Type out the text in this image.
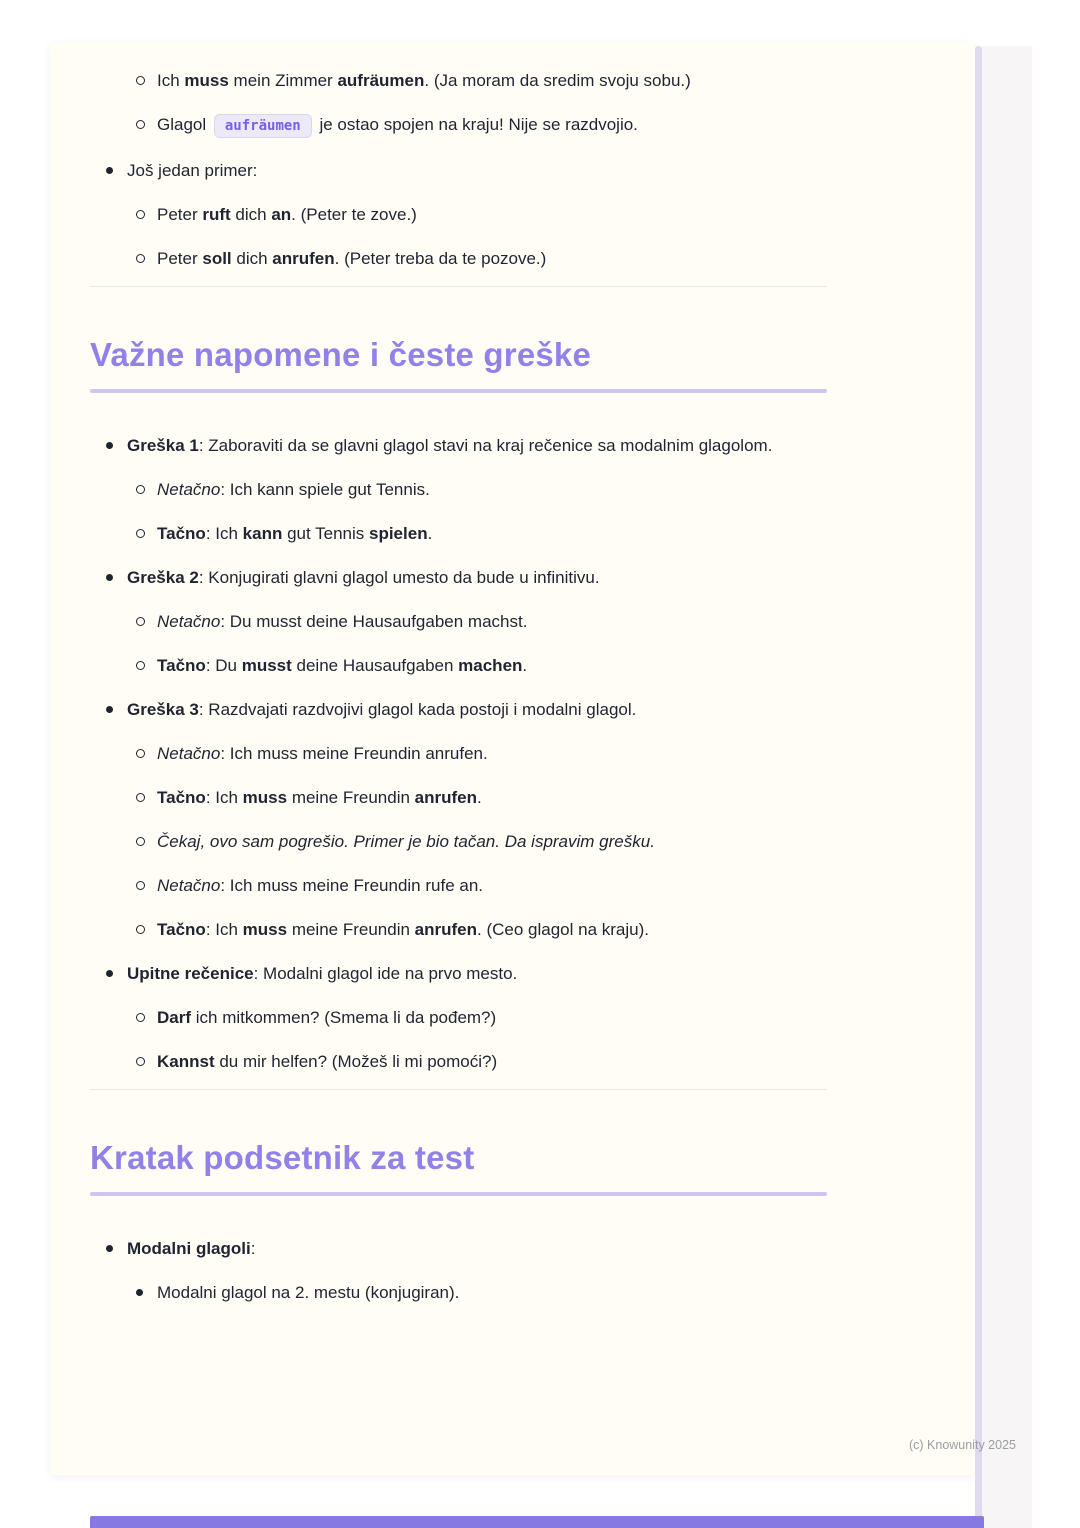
Ich muss mein Zimmer aufräumen. (Ja moram da sredim svoju sobu.)
Glagol aufräumen je ostao spojen na kraju! Nije se razdvojio.
Još jedan primer:
Peter ruft dich an. (Peter te zove.)
Peter soll dich anrufen. (Peter treba da te pozove.)
Važne napomene i česte greške
Greška 1: Zaboraviti da se glavni glagol stavi na kraj rečenice sa modalnim glagolom.
Netačno: Ich kann spiele gut Tennis.
Tačno: Ich kann gut Tennis spielen.
Greška 2: Konjugirati glavni glagol umesto da bude u infinitivu.
Netačno: Du musst deine Hausaufgaben machst.
Tačno: Du musst deine Hausaufgaben machen.
Greška 3: Razdvajati razdvojivi glagol kada postoji i modalni glagol.
Netačno: Ich muss meine Freundin anrufen.
Tačno: Ich muss meine Freundin anrufen.
Čekaj, ovo sam pogrešio. Primer je bio tačan. Da ispravim grešku.
Netačno: Ich muss meine Freundin rufe an.
Tačno: Ich muss meine Freundin anrufen. (Ceo glagol na kraju).
Upitne rečenice: Modalni glagol ide na prvo mesto.
Darf ich mitkommen? (Smema li da pođem?)
Kannst du mir helfen? (Možeš li mi pomoći?)
Kratak podsetnik za test
Modalni glagoli:
Modalni glagol na 2. mestu (konjugiran).
(c) Knowunity 2025
